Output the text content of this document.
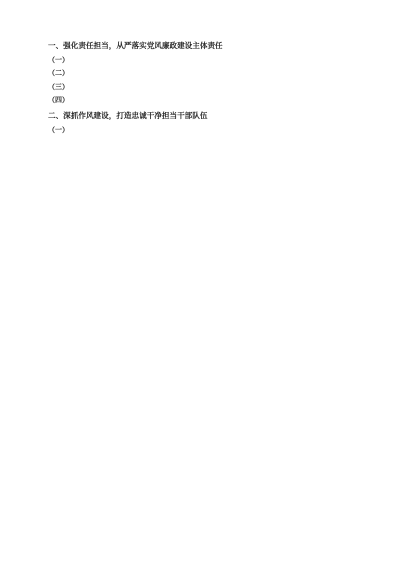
一、强化责任担当，从严落实党风廉政建设主体责任

（一）

（二）

（三）

（四）

二、深抓作风建设，打造忠诚干净担当干部队伍

（一）
